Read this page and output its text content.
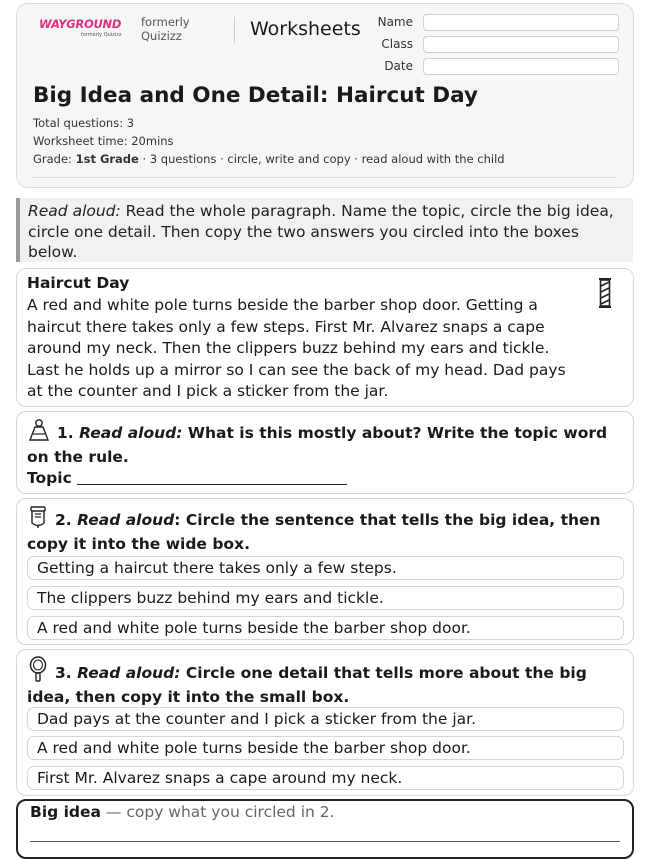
WAYGROUND
formerly Quizizz
formerly
Quizizz	Worksheets	Name
Class
Date
Big Idea and One Detail: Haircut Day
Total questions: 3
Worksheet time: 20mins
Grade: 1st Grade · 3 questions · circle, write and copy · read aloud with the child
Read aloud: Read the whole paragraph. Name the topic, circle the big idea, circle one detail. Then copy the two answers you circled into the boxes below.
Haircut Day
A red and white pole turns beside the barber shop door. Getting a haircut there takes only a few steps. First Mr. Alvarez snaps a cape around my neck. Then the clippers buzz behind my ears and tickle. Last he holds up a mirror so I can see the back of my head. Dad pays at the counter and I pick a sticker from the jar.
1. Read aloud: What is this mostly about? Write the topic word on the rule.
Topic
2. Read aloud: Circle the sentence that tells the big idea, then copy it into the wide box.
Getting a haircut there takes only a few steps.
The clippers buzz behind my ears and tickle.
A red and white pole turns beside the barber shop door.
3. Read aloud: Circle one detail that tells more about the big idea, then copy it into the small box.
Dad pays at the counter and I pick a sticker from the jar.
A red and white pole turns beside the barber shop door.
First Mr. Alvarez snaps a cape around my neck.
Big idea — copy what you circled in 2.
